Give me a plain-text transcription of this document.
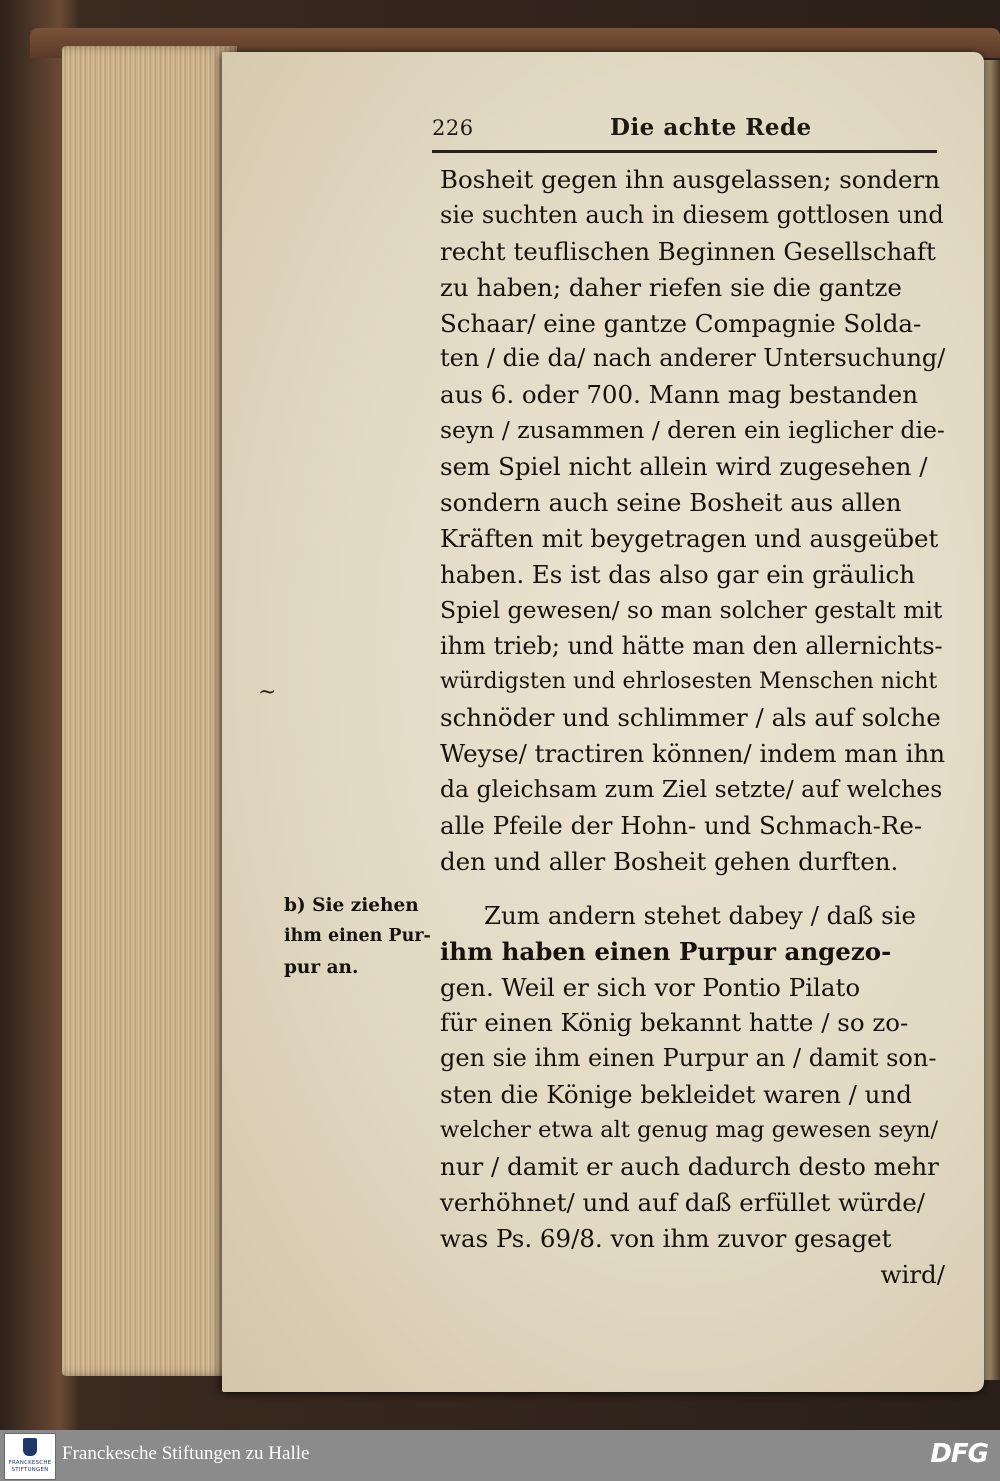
226	Die achte Rede
~
Bosheit gegen ihn ausgelassen; sondern
sie suchten auch in diesem gottlosen und
recht teuflischen Beginnen Gesellschaft
zu haben; daher riefen sie die gantze
Schaar/ eine gantze Compagnie Solda-
ten / die da/ nach anderer Untersuchung/
aus 6. oder 700. Mann mag bestanden
seyn / zusammen / deren ein ieglicher die-
sem Spiel nicht allein wird zugesehen /
sondern auch seine Bosheit aus allen
Kräften mit beygetragen und ausgeübet
haben. Es ist das also gar ein gräulich
Spiel gewesen/ so man solcher gestalt mit
ihm trieb; und hätte man den allernichts-
würdigsten und ehrlosesten Menschen nicht
schnöder und schlimmer / als auf solche
Weyse/ tractiren können/ indem man ihn
da gleichsam zum Ziel setzte/ auf welches
alle Pfeile der Hohn- und Schmach-Re-
den und aller Bosheit gehen durften.
Zum andern stehet dabey / daß sie
ihm haben einen Purpur angezo-
gen. Weil er sich vor Pontio Pilato
für einen König bekannt hatte / so zo-
gen sie ihm einen Purpur an / damit son-
sten die Könige bekleidet waren / und
welcher etwa alt genug mag gewesen seyn/
nur / damit er auch dadurch desto mehr
verhöhnet/ und auf daß erfüllet würde/
was Ps. 69/8. von ihm zuvor gesaget
wird/
b) Sie ziehen
ihm einen Pur-
pur an.
FRANCKESCHE STIFTUNGEN
Franckesche Stiftungen zu Halle	DFG
